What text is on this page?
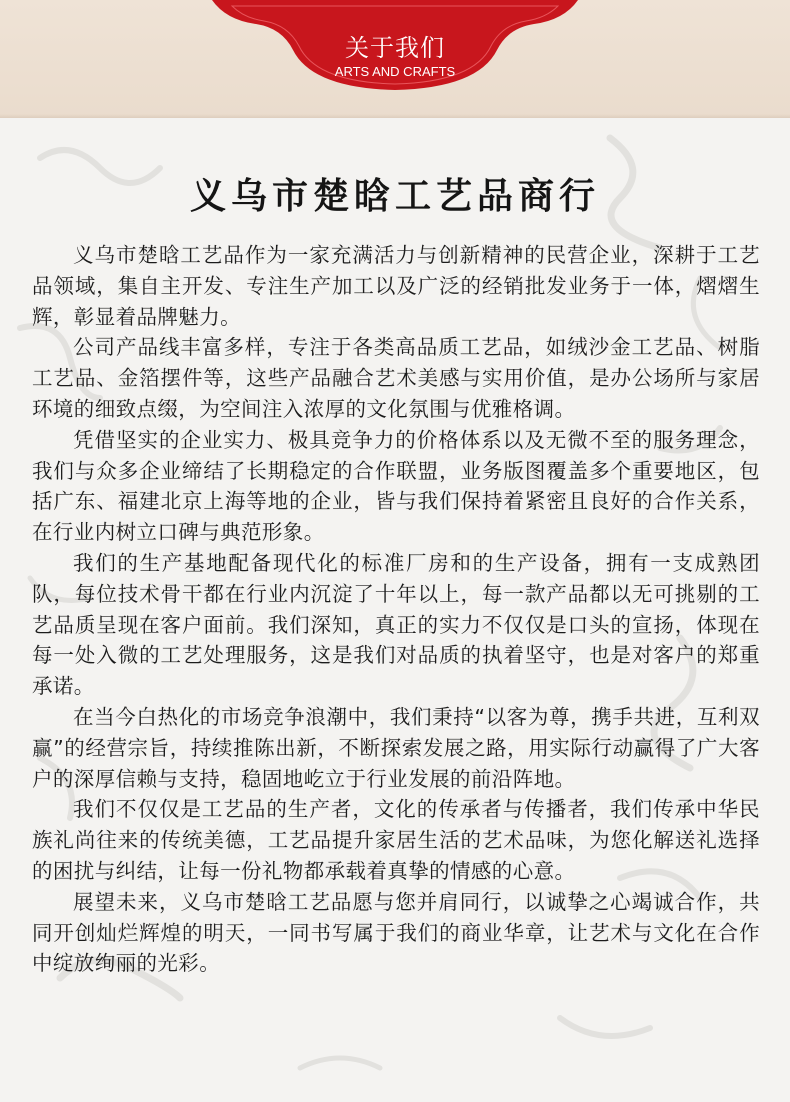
关于我们
ARTS AND CRAFTS
义乌市楚晗工艺品商行

义乌市楚晗工艺品作为一家充满活力与创新精神的民营企业，深耕于工艺品领域，集自主开发、专注生产加工以及广泛的经销批发业务于一体，熠熠生辉，彰显着品牌魅力。

公司产品线丰富多样，专注于各类高品质工艺品，如绒沙金工艺品、树脂工艺品、金箔摆件等，这些产品融合艺术美感与实用价值，是办公场所与家居环境的细致点缀，为空间注入浓厚的文化氛围与优雅格调。

凭借坚实的企业实力、极具竞争力的价格体系以及无微不至的服务理念，我们与众多企业缔结了长期稳定的合作联盟，业务版图覆盖多个重要地区，包括广东、福建北京上海等地的企业，皆与我们保持着紧密且良好的合作关系，在行业内树立口碑与典范形象。

我们的生产基地配备现代化的标准厂房和的生产设备，拥有一支成熟团队，每位技术骨干都在行业内沉淀了十年以上，每一款产品都以无可挑剔的工艺品质呈现在客户面前。我们深知，真正的实力不仅仅是口头的宣扬，体现在每一处入微的工艺处理服务，这是我们对品质的执着坚守，也是对客户的郑重承诺。

在当今白热化的市场竞争浪潮中，我们秉持“以客为尊，携手共进，互利双赢”的经营宗旨，持续推陈出新，不断探索发展之路，用实际行动赢得了广大客户的深厚信赖与支持，稳固地屹立于行业发展的前沿阵地。

我们不仅仅是工艺品的生产者，文化的传承者与传播者，我们传承中华民族礼尚往来的传统美德，工艺品提升家居生活的艺术品味，为您化解送礼选择的困扰与纠结，让每一份礼物都承载着真挚的情感的心意。

展望未来，义乌市楚晗工艺品愿与您并肩同行，以诚挚之心竭诚合作，共同开创灿烂辉煌的明天，一同书写属于我们的商业华章，让艺术与文化在合作中绽放绚丽的光彩。
